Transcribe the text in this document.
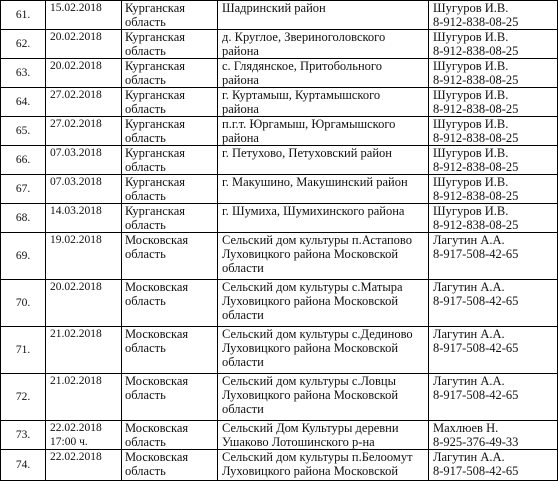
61.	15.02.2018	Курганская
область	Шадринский район	Шугуров И.В.
8-912-838-08-25
62.	20.02.2018	Курганская
область	д. Круглое, Звериноголовского
района	Шугуров И.В.
8-912-838-08-25
63.	20.02.2018	Курганская
область	с. Глядянское, Притобольного
района	Шугуров И.В.
8-912-838-08-25
64.	27.02.2018	Курганская
область	г. Куртамыш, Куртамышского
района	Шугуров И.В.
8-912-838-08-25
65.	27.02.2018	Курганская
область	п.г.т. Юргамыш, Юргамышского
района	Шугуров И.В.
8-912-838-08-25
66.	07.03.2018	Курганская
область	г. Петухово, Петуховский район	Шугуров И.В.
8-912-838-08-25
67.	07.03.2018	Курганская
область	г. Макушино, Макушинский район	Шугуров И.В.
8-912-838-08-25
68.	14.03.2018	Курганская
область	г. Шумиха, Шумихинского района	Шугуров И.В.
8-912-838-08-25
69.	19.02.2018	Московская
область	Сельский дом культуры п.Астапово
Луховицкого района Московской
области	Лагутин А.А.
8-917-508-42-65
70.	20.02.2018	Московская
область	Сельский дом культуры с.Матыра
Луховицкого района Московской
области	Лагутин А.А.
8-917-508-42-65
71.	21.02.2018	Московская
область	Сельский дом культуры с.Дединово
Луховицкого района Московской
области	Лагутин А.А.
8-917-508-42-65
72.	21.02.2018	Московская
область	Сельский дом культуры с.Ловцы
Луховицкого района Московской
области	Лагутин А.А.
8-917-508-42-65
73.	22.02.2018
17:00 ч.	Московская
область	Сельский Дом Культуры деревни
Ушаково Лотошинского р-на	Махлюев Н.
8-925-376-49-33
74.	22.02.2018	Московская
область	Сельский дом культуры п.Белоомут
Луховицкого района Московской	Лагутин А.А.
8-917-508-42-65
